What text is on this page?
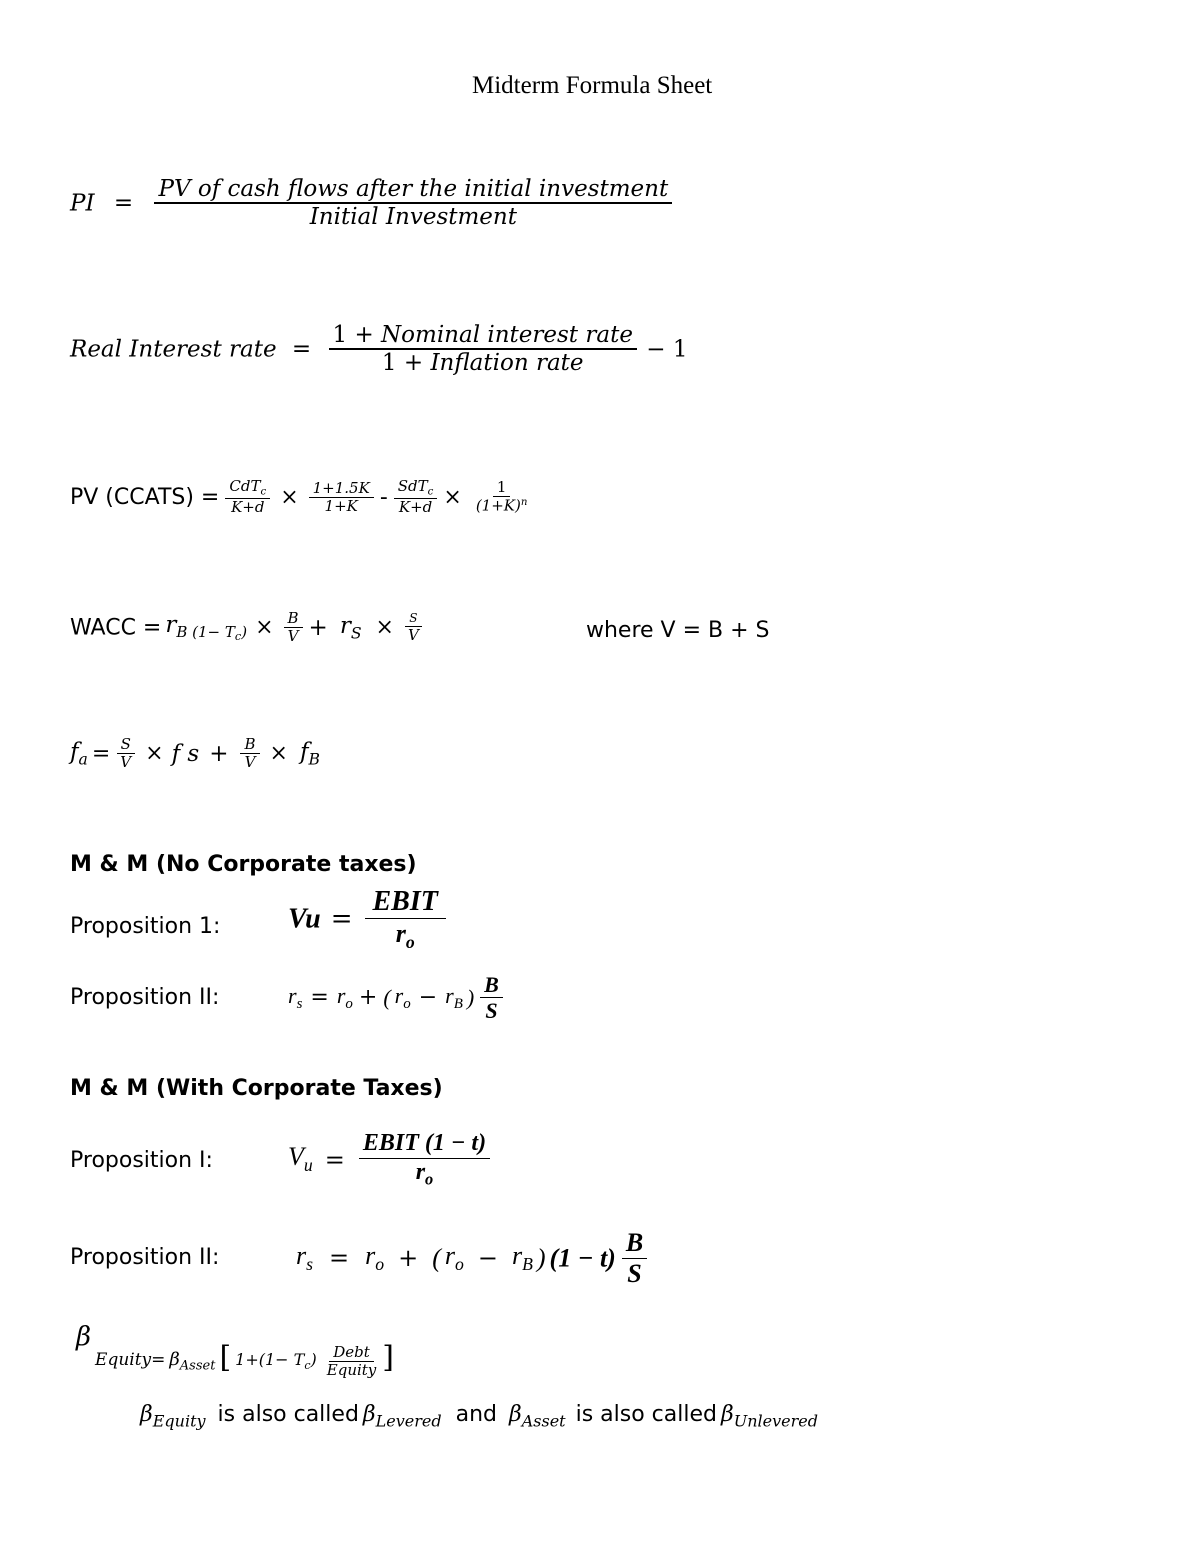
Midterm Formula Sheet
PI = $\frac{\text{PV of cash flows after the initial investment}}{\text{Initial Investment}}$
Real Interest rate = $\frac{\text{1 + Nominal interest rate}}{\text{1 + Inflation rate}} - 1$
PV (CCATS) = $\frac{CdT_c}{K+d} \times \frac{1+1.5K}{1+K} - \frac{SdT_c}{K+d} \times \frac{1}{(1+K)^n}$
WACC = $r_{B (1- Tc)} \times \frac{B}{V} + r_S \times \frac{S}{V}$	where V = B + S
$f_a = \frac{S}{V} \times f$ $s + \frac{B}{V} \times f_B$
M & M (No Corporate taxes)
Proposition 1: $Vu = \frac{\text{EBIT}}{r_o}$
Proposition II:	$r_s = r_o$ + ( $r_o - r_B$ ) $\frac{B}{S}$
M & M (With Corporate Taxes)
Proposition I:	$V_u = \frac{\text{EBIT (1 − t)}}{r_o}$
Proposition II:	$r_s = r_o$ + ( $r_o - r_B$ ) $(1 - t) \frac{B}{S}$
β Equity= $\beta_{Asset}$ [ $1+(1- T_c) \frac{\text{Debt}}{\text{Equity}}$ ]
$\beta_{Equity}$ is also called $\beta_{Levered}$ and $\beta_{Asset}$ is also called $\beta_{Unlevered}$
